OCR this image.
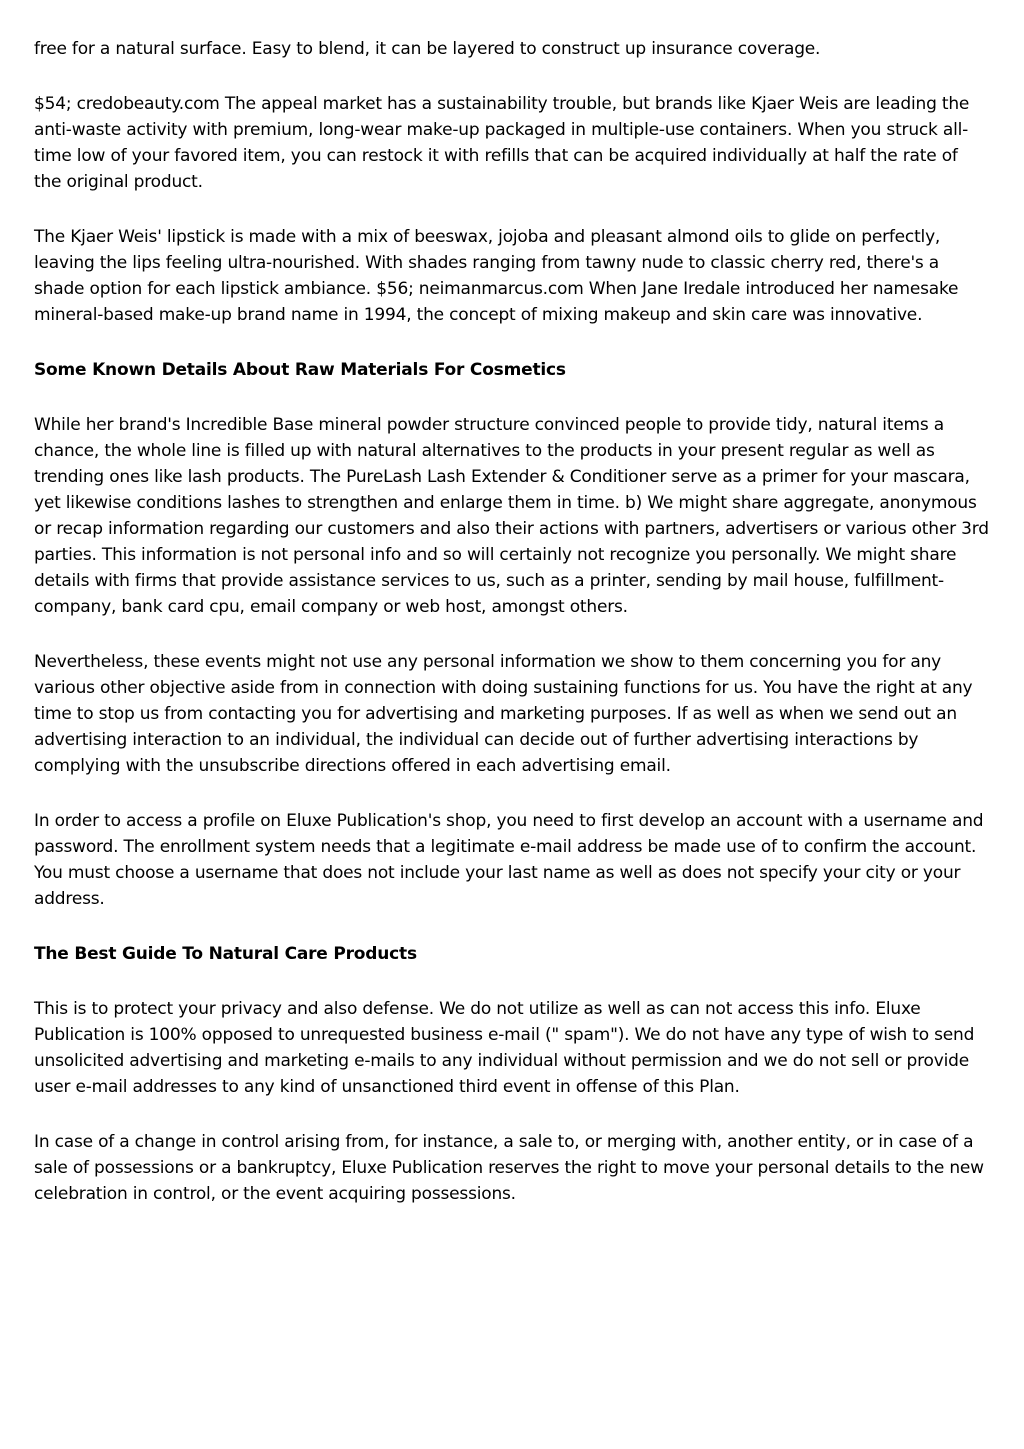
free for a natural surface. Easy to blend, it can be layered to construct up insurance coverage.

$54; credobeauty.com The appeal market has a sustainability trouble, but brands like Kjaer Weis are leading the anti-waste activity with premium, long-wear make-up packaged in multiple-use containers. When you struck all-time low of your favored item, you can restock it with refills that can be acquired individually at half the rate of the original product.

The Kjaer Weis' lipstick is made with a mix of beeswax, jojoba and pleasant almond oils to glide on perfectly, leaving the lips feeling ultra-nourished. With shades ranging from tawny nude to classic cherry red, there's a shade option for each lipstick ambiance. $56; neimanmarcus.com When Jane Iredale introduced her namesake mineral-based make-up brand name in 1994, the concept of mixing makeup and skin care was innovative.

Some Known Details About Raw Materials For Cosmetics

While her brand's Incredible Base mineral powder structure convinced people to provide tidy, natural items a chance, the whole line is filled up with natural alternatives to the products in your present regular as well as trending ones like lash products. The PureLash Lash Extender & Conditioner serve as a primer for your mascara, yet likewise conditions lashes to strengthen and enlarge them in time. b) We might share aggregate, anonymous or recap information regarding our customers and also their actions with partners, advertisers or various other 3rd parties. This information is not personal info and so will certainly not recognize you personally. We might share details with firms that provide assistance services to us, such as a printer, sending by mail house, fulfillment-company, bank card cpu, email company or web host, amongst others.

Nevertheless, these events might not use any personal information we show to them concerning you for any various other objective aside from in connection with doing sustaining functions for us. You have the right at any time to stop us from contacting you for advertising and marketing purposes. If as well as when we send out an advertising interaction to an individual, the individual can decide out of further advertising interactions by complying with the unsubscribe directions offered in each advertising email.

In order to access a profile on Eluxe Publication's shop, you need to first develop an account with a username and password. The enrollment system needs that a legitimate e-mail address be made use of to confirm the account. You must choose a username that does not include your last name as well as does not specify your city or your address.

The Best Guide To Natural Care Products

This is to protect your privacy and also defense. We do not utilize as well as can not access this info. Eluxe Publication is 100% opposed to unrequested business e-mail (" spam"). We do not have any type of wish to send unsolicited advertising and marketing e-mails to any individual without permission and we do not sell or provide user e-mail addresses to any kind of unsanctioned third event in offense of this Plan.

In case of a change in control arising from, for instance, a sale to, or merging with, another entity, or in case of a sale of possessions or a bankruptcy, Eluxe Publication reserves the right to move your personal details to the new celebration in control, or the event acquiring possessions.
